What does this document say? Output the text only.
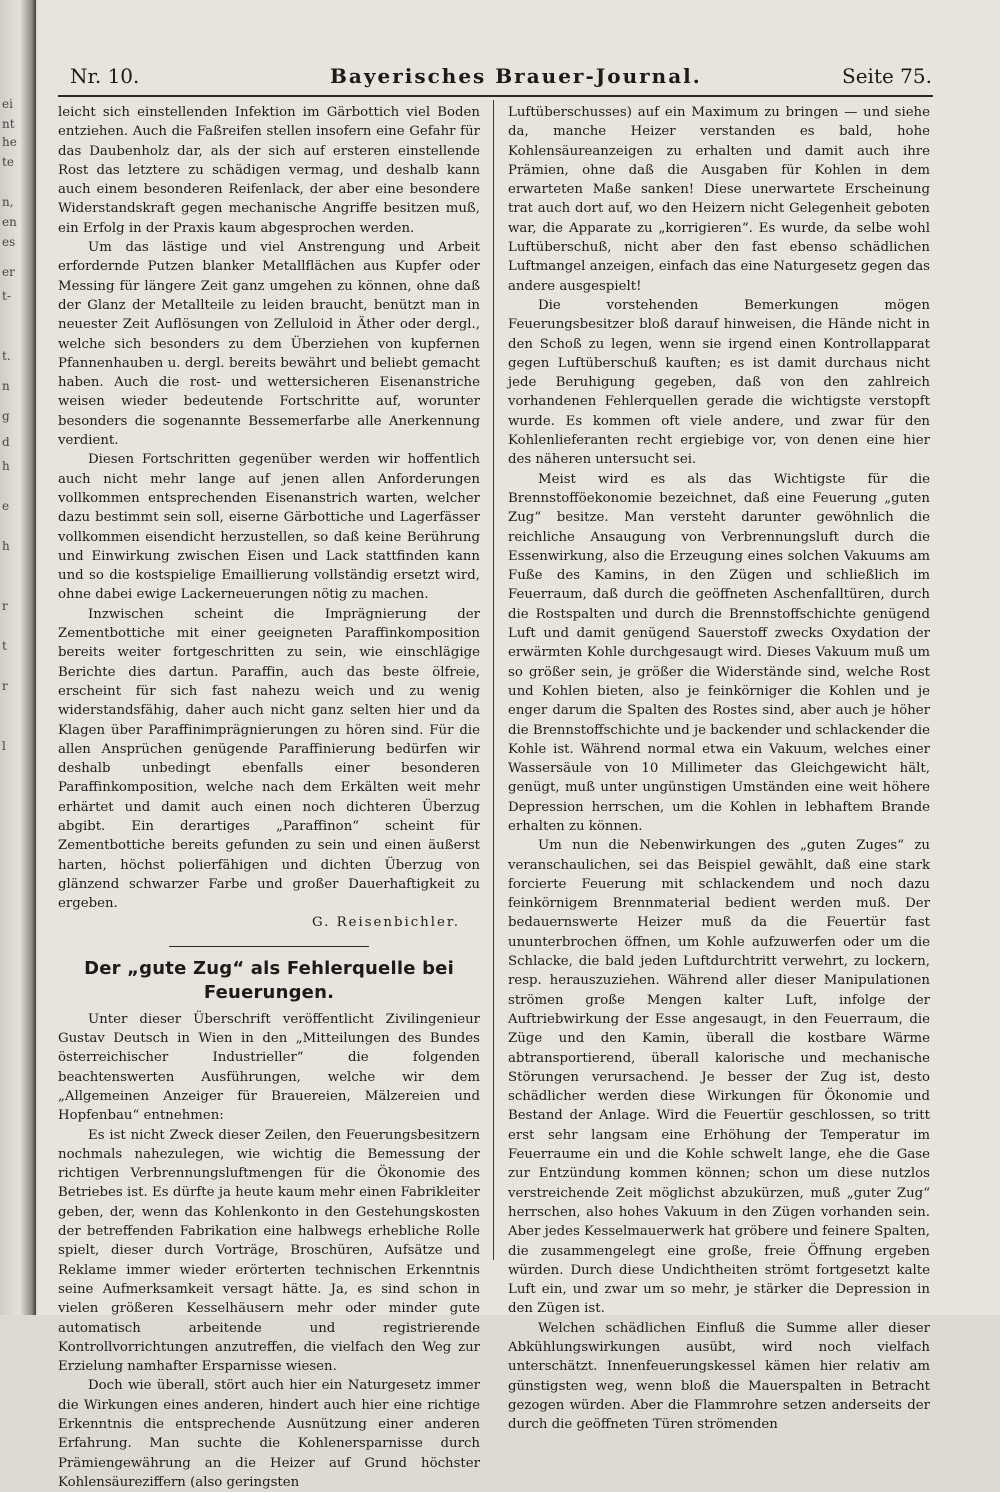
ei
nt
he
te
n,
en
es
er
t-
t.
n
g
d
h
e
h
r
t
r
l
Nr. 10.	Bayerisches Brauer-Journal.	Seite 75.

leicht sich einstellenden Infektion im Gärbottich viel Boden entziehen. Auch die Faßreifen stellen insofern eine Gefahr für das Daubenholz dar, als der sich auf ersteren einstellende Rost das letztere zu schädigen vermag, und deshalb kann auch einem besonderen Reifenlack, der aber eine besondere Widerstandskraft gegen mechanische Angriffe besitzen muß, ein Erfolg in der Praxis kaum abgesprochen werden.

Um das lästige und viel Anstrengung und Arbeit erfordernde Putzen blanker Metallflächen aus Kupfer oder Messing für längere Zeit ganz umgehen zu können, ohne daß der Glanz der Metallteile zu leiden braucht, benützt man in neuester Zeit Auflösungen von Zelluloid in Äther oder dergl., welche sich besonders zu dem Überziehen von kupfernen Pfannenhauben u. dergl. bereits bewährt und beliebt gemacht haben. Auch die rost- und wettersicheren Eisenanstriche weisen wieder bedeutende Fortschritte auf, worunter besonders die sogenannte Bessemerfarbe alle Anerkennung verdient.

Diesen Fortschritten gegenüber werden wir hoffentlich auch nicht mehr lange auf jenen allen Anforderungen vollkommen entsprechenden Eisenanstrich warten, welcher dazu bestimmt sein soll, eiserne Gärbottiche und Lagerfässer vollkommen eisendicht herzustellen, so daß keine Berührung und Einwirkung zwischen Eisen und Lack stattfinden kann und so die kostspielige Emaillierung vollständig ersetzt wird, ohne dabei ewige Lackerneuerungen nötig zu machen.

Inzwischen scheint die Imprägnierung der Zementbottiche mit einer geeigneten Paraffinkomposition bereits weiter fortgeschritten zu sein, wie einschlägige Berichte dies dartun. Paraffin, auch das beste ölfreie, erscheint für sich fast nahezu weich und zu wenig widerstandsfähig, daher auch nicht ganz selten hier und da Klagen über Paraffinimprägnierungen zu hören sind. Für die allen Ansprüchen genügende Paraffinierung bedürfen wir deshalb unbedingt ebenfalls einer besonderen Paraffinkomposition, welche nach dem Erkälten weit mehr erhärtet und damit auch einen noch dichteren Überzug abgibt. Ein derartiges „Paraffinon“ scheint für Zementbottiche bereits gefunden zu sein und einen äußerst harten, höchst polierfähigen und dichten Überzug von glänzend schwarzer Farbe und großer Dauerhaftigkeit zu ergeben.

G. Reisenbichler.

Der „gute Zug“ als Fehlerquelle bei Feuerungen.

Unter dieser Überschrift veröffentlicht Zivilingenieur Gustav Deutsch in Wien in den „Mitteilungen des Bundes österreichischer Industrieller“ die folgenden beachtenswerten Ausführungen, welche wir dem „Allgemeinen Anzeiger für Brauereien, Mälzereien und Hopfenbau“ entnehmen:

Es ist nicht Zweck dieser Zeilen, den Feuerungsbesitzern nochmals nahezulegen, wie wichtig die Bemessung der richtigen Verbrennungsluftmengen für die Ökonomie des Betriebes ist. Es dürfte ja heute kaum mehr einen Fabrikleiter geben, der, wenn das Kohlenkonto in den Gestehungskosten der betreffenden Fabrikation eine halbwegs erhebliche Rolle spielt, dieser durch Vorträge, Broschüren, Aufsätze und Reklame immer wieder erörterten technischen Erkenntnis seine Aufmerksamkeit versagt hätte. Ja, es sind schon in vielen größeren Kesselhäusern mehr oder minder gute automatisch arbeitende und registrierende Kontrollvorrichtungen anzutreffen, die vielfach den Weg zur Erzielung namhafter Ersparnisse wiesen.

Doch wie überall, stört auch hier ein Naturgesetz immer die Wirkungen eines anderen, hindert auch hier eine richtige Erkenntnis die entsprechende Ausnützung einer anderen Erfahrung. Man suchte die Kohlenersparnisse durch Prämiengewährung an die Heizer auf Grund höchster Kohlensäureziffern (also geringsten

Luftüberschusses) auf ein Maximum zu bringen — und siehe da, manche Heizer verstanden es bald, hohe Kohlensäureanzeigen zu erhalten und damit auch ihre Prämien, ohne daß die Ausgaben für Kohlen in dem erwarteten Maße sanken! Diese unerwartete Erscheinung trat auch dort auf, wo den Heizern nicht Gelegenheit geboten war, die Apparate zu „korrigieren“. Es wurde, da selbe wohl Luftüberschuß, nicht aber den fast ebenso schädlichen Luftmangel anzeigen, einfach das eine Naturgesetz gegen das andere ausgespielt!

Die vorstehenden Bemerkungen mögen Feuerungsbesitzer bloß darauf hinweisen, die Hände nicht in den Schoß zu legen, wenn sie irgend einen Kontrollapparat gegen Luftüberschuß kauften; es ist damit durchaus nicht jede Beruhigung gegeben, daß von den zahlreich vorhandenen Fehlerquellen gerade die wichtigste verstopft wurde. Es kommen oft viele andere, und zwar für den Kohlenlieferanten recht ergiebige vor, von denen eine hier des näheren untersucht sei.

Meist wird es als das Wichtigste für die Brennstofföekonomie bezeichnet, daß eine Feuerung „guten Zug“ besitze. Man versteht darunter gewöhnlich die reichliche Ansaugung von Verbrennungsluft durch die Essenwirkung, also die Erzeugung eines solchen Vakuums am Fuße des Kamins, in den Zügen und schließlich im Feuerraum, daß durch die geöffneten Aschenfalltüren, durch die Rostspalten und durch die Brennstoffschichte genügend Luft und damit genügend Sauerstoff zwecks Oxydation der erwärmten Kohle durchgesaugt wird. Dieses Vakuum muß um so größer sein, je größer die Widerstände sind, welche Rost und Kohlen bieten, also je feinkörniger die Kohlen und je enger darum die Spalten des Rostes sind, aber auch je höher die Brennstoffschichte und je backender und schlackender die Kohle ist. Während normal etwa ein Vakuum, welches einer Wassersäule von 10 Millimeter das Gleichgewicht hält, genügt, muß unter ungünstigen Umständen eine weit höhere Depression herrschen, um die Kohlen in lebhaftem Brande erhalten zu können.

Um nun die Nebenwirkungen des „guten Zuges“ zu veranschaulichen, sei das Beispiel gewählt, daß eine stark forcierte Feuerung mit schlackendem und noch dazu feinkörnigem Brennmaterial bedient werden muß. Der bedauernswerte Heizer muß da die Feuertür fast ununterbrochen öffnen, um Kohle aufzuwerfen oder um die Schlacke, die bald jeden Luftdurchtritt verwehrt, zu lockern, resp. herauszuziehen. Während aller dieser Manipulationen strömen große Mengen kalter Luft, infolge der Auftriebwirkung der Esse angesaugt, in den Feuerraum, die Züge und den Kamin, überall die kostbare Wärme abtransportierend, überall kalorische und mechanische Störungen verursachend. Je besser der Zug ist, desto schädlicher werden diese Wirkungen für Ökonomie und Bestand der Anlage. Wird die Feuertür geschlossen, so tritt erst sehr langsam eine Erhöhung der Temperatur im Feuerraume ein und die Kohle schwelt lange, ehe die Gase zur Entzündung kommen können; schon um diese nutzlos verstreichende Zeit möglichst abzukürzen, muß „guter Zug“ herrschen, also hohes Vakuum in den Zügen vorhanden sein. Aber jedes Kesselmauerwerk hat gröbere und feinere Spalten, die zusammengelegt eine große, freie Öffnung ergeben würden. Durch diese Undichtheiten strömt fortgesetzt kalte Luft ein, und zwar um so mehr, je stärker die Depression in den Zügen ist.

Welchen schädlichen Einfluß die Summe aller dieser Abkühlungswirkungen ausübt, wird noch vielfach unterschätzt. Innenfeuerungskessel kämen hier relativ am günstigsten weg, wenn bloß die Mauerspalten in Betracht gezogen würden. Aber die Flammrohre setzen anderseits der durch die geöffneten Türen strömenden
